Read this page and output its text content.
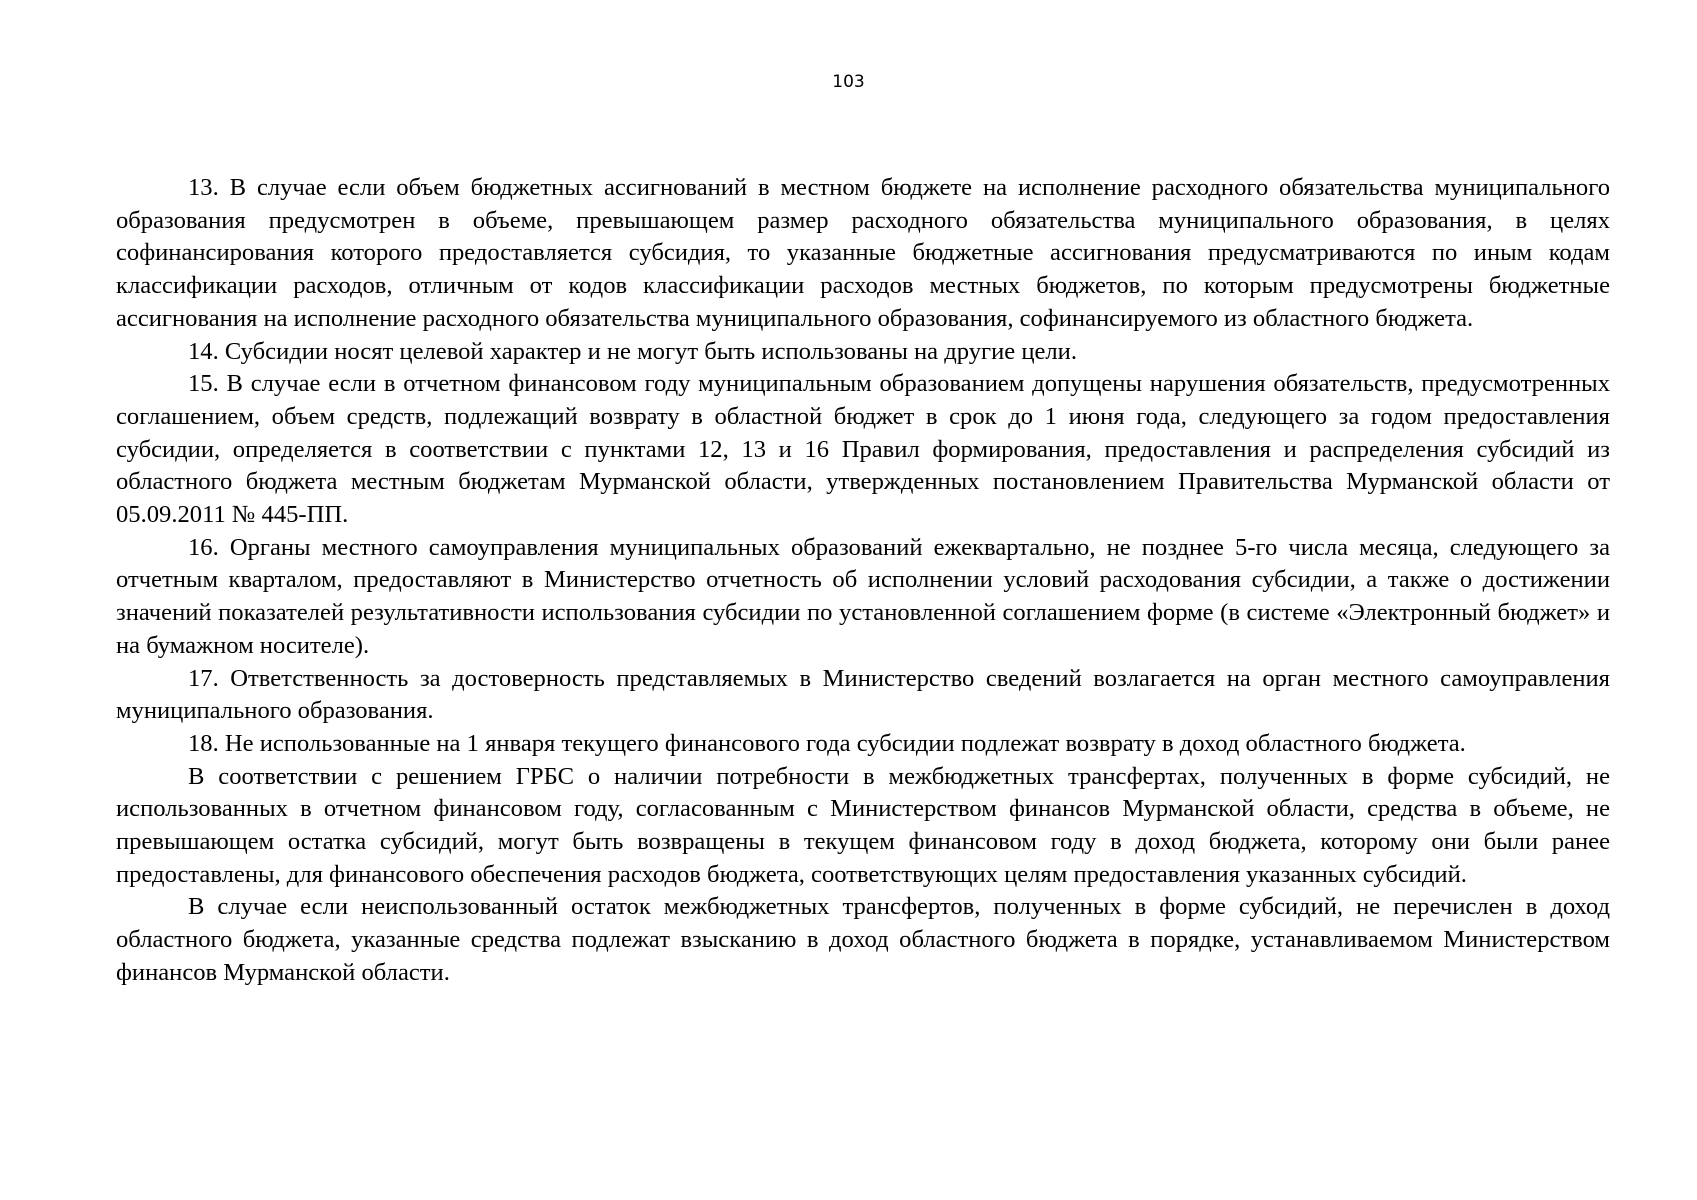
103

13. В случае если объем бюджетных ассигнований в местном бюджете на исполнение расходного обязательства муниципального образования предусмотрен в объеме, превышающем размер расходного обязательства муниципального образования, в целях софинансирования которого предоставляется субсидия, то указанные бюджетные ассигнования предусматриваются по иным кодам классификации расходов, отличным от кодов классификации расходов местных бюджетов, по которым предусмотрены бюджетные ассигнования на исполнение расходного обязательства муниципального образования, софинансируемого из областного бюджета.

14. Субсидии носят целевой характер и не могут быть использованы на другие цели.

15. В случае если в отчетном финансовом году муниципальным образованием допущены нарушения обязательств, предусмотренных соглашением, объем средств, подлежащий возврату в областной бюджет в срок до 1 июня года, следующего за годом предоставления субсидии, определяется в соответствии с пунктами 12, 13 и 16 Правил формирования, предоставления и распределения субсидий из областного бюджета местным бюджетам Мурманской области, утвержденных постановлением Правительства Мурманской области от 05.09.2011 № 445-ПП.

16. Органы местного самоуправления муниципальных образований ежеквартально, не позднее 5-го числа месяца, следующего за отчетным кварталом, предоставляют в Министерство отчетность об исполнении условий расходования субсидии, а также о достижении значений показателей результативности использования субсидии по установленной соглашением форме (в системе «Электронный бюджет» и на бумажном носителе).

17. Ответственность за достоверность представляемых в Министерство сведений возлагается на орган местного самоуправления муниципального образования.

18. Не использованные на 1 января текущего финансового года субсидии подлежат возврату в доход областного бюджета.

В соответствии с решением ГРБС о наличии потребности в межбюджетных трансфертах, полученных в форме субсидий, не использованных в отчетном финансовом году, согласованным с Министерством финансов Мурманской области, средства в объеме, не превышающем остатка субсидий, могут быть возвращены в текущем финансовом году в доход бюджета, которому они были ранее предоставлены, для финансового обеспечения расходов бюджета, соответствующих целям предоставления указанных субсидий.

В случае если неиспользованный остаток межбюджетных трансфертов, полученных в форме субсидий, не перечислен в доход областного бюджета, указанные средства подлежат взысканию в доход областного бюджета в порядке, устанавливаемом Министерством финансов Мурманской области.
